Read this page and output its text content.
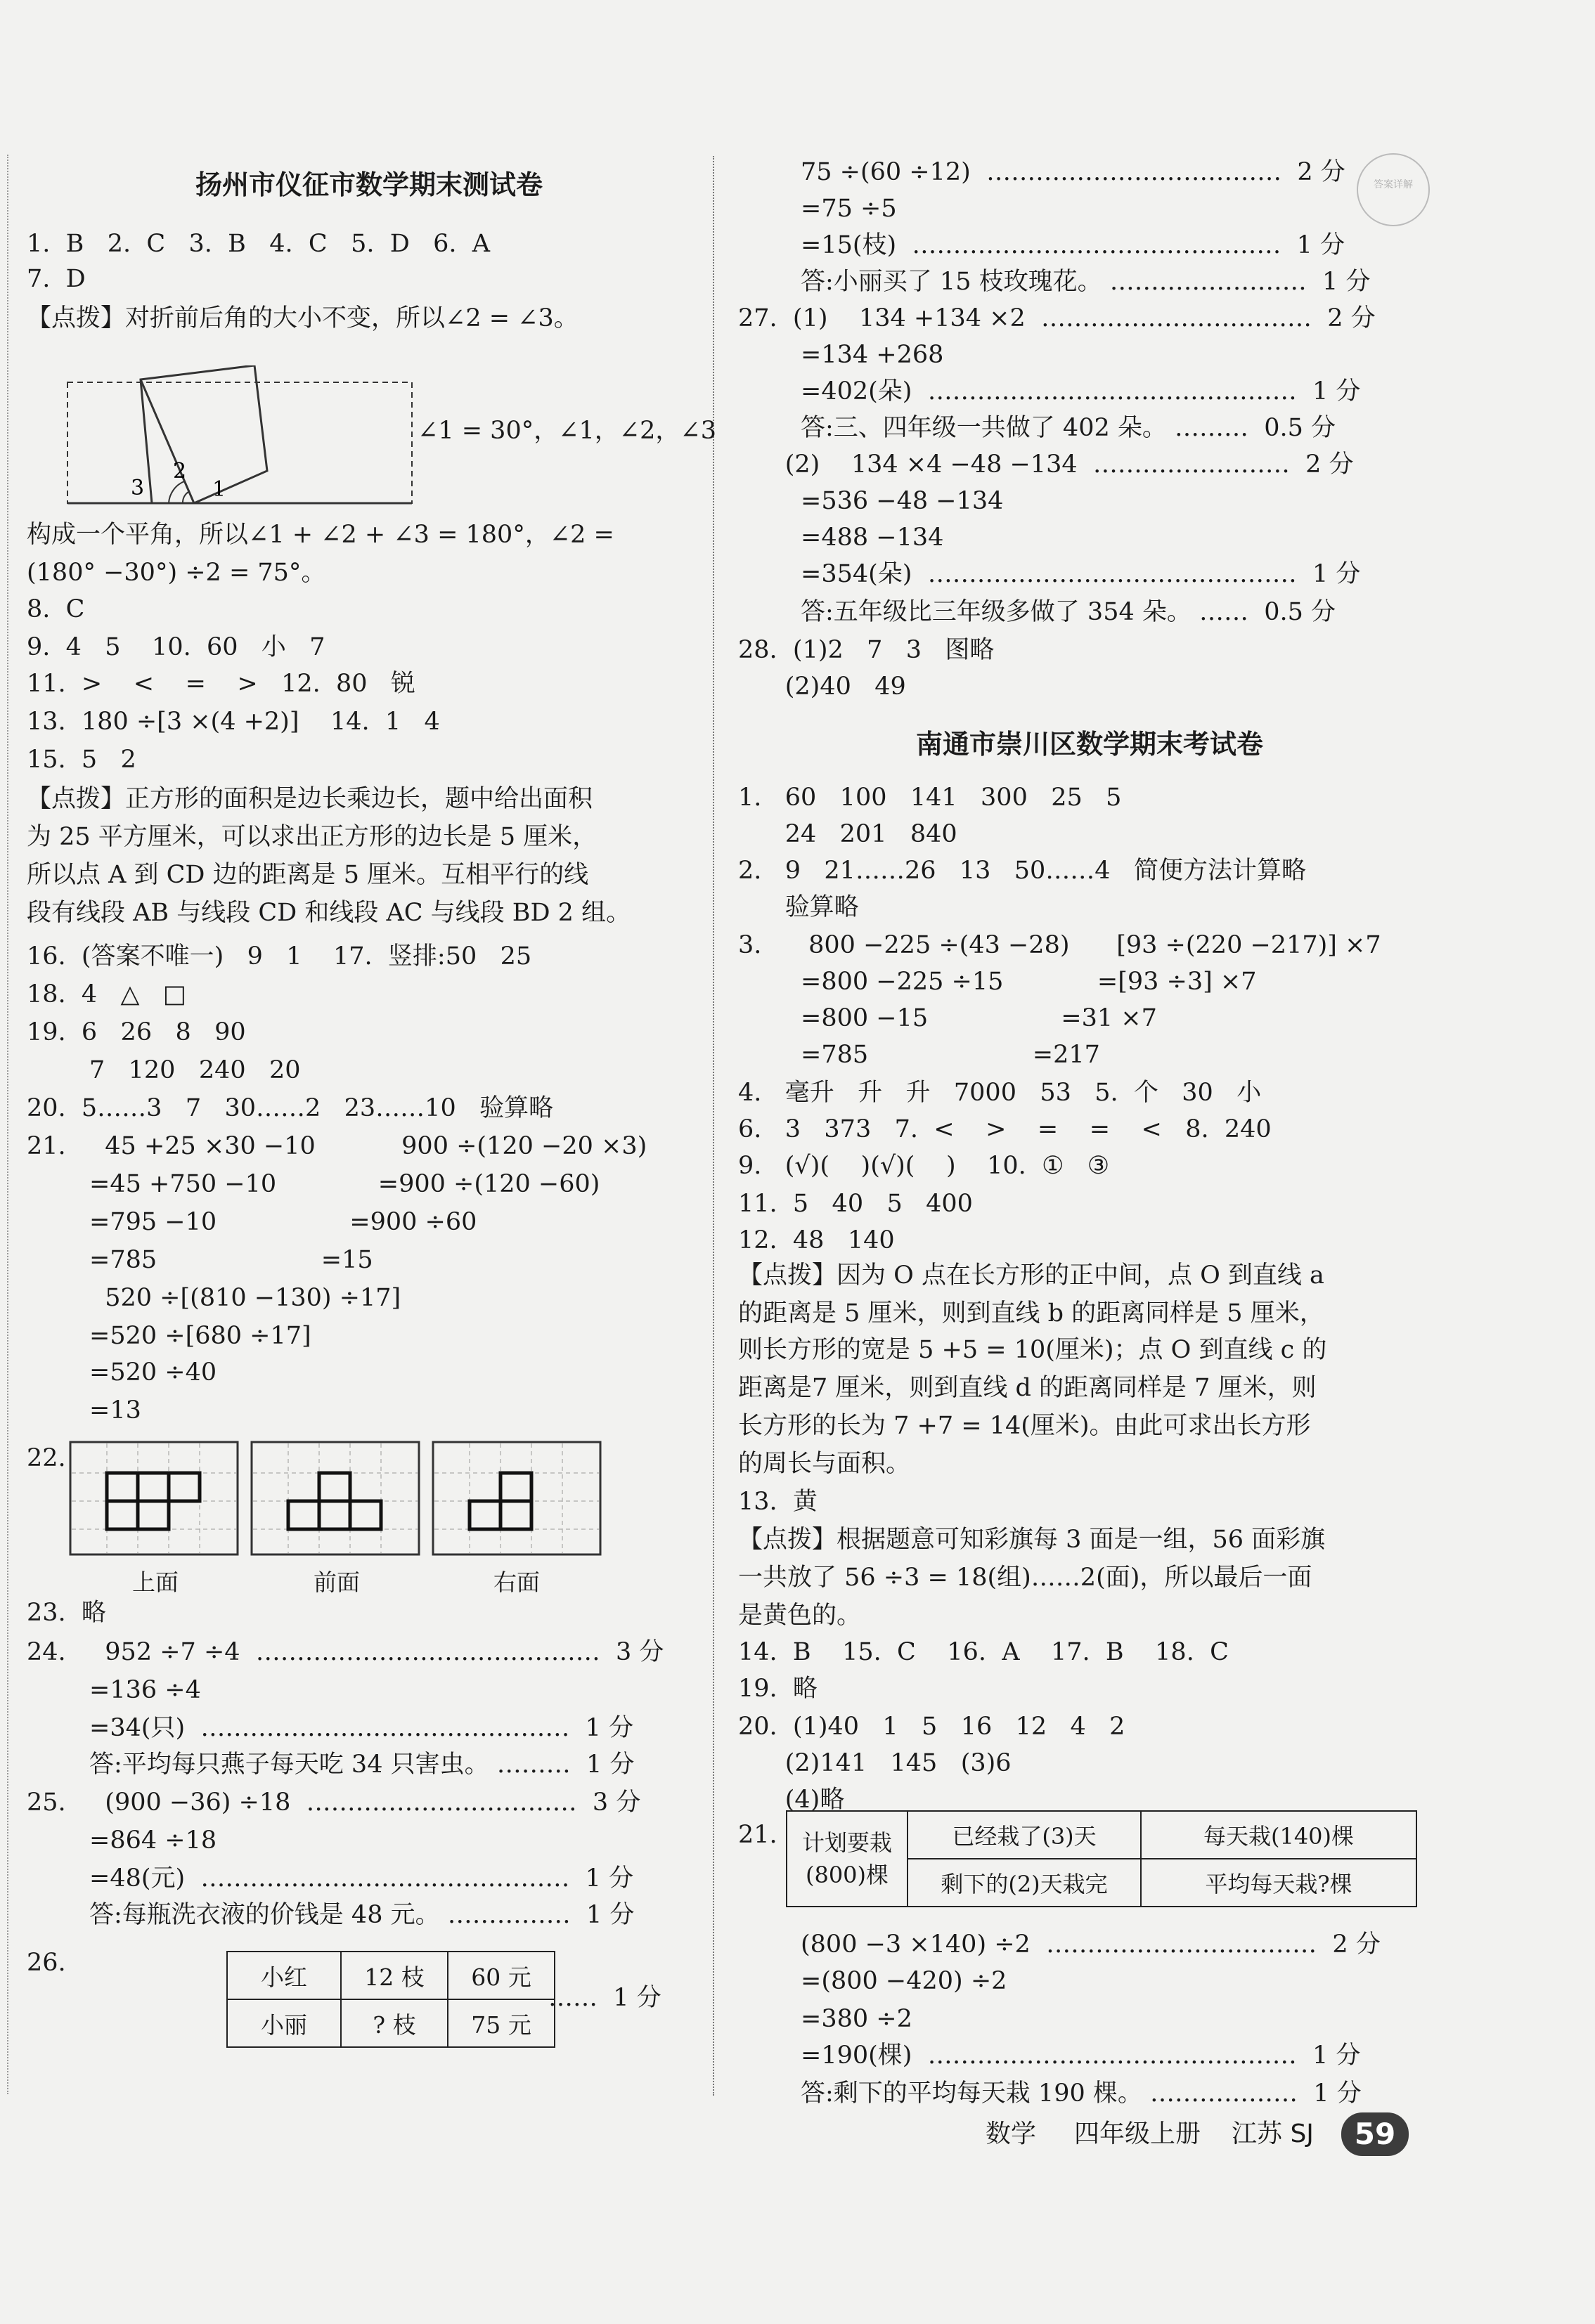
扬州市仪征市数学期末测试卷
1.  B   2.  C   3.  B   4.  C   5.  D   6.  A
7.  D
【点拨】对折前后角的大小不变，所以∠2 = ∠3。
构成一个平角，所以∠1 + ∠2 + ∠3 = 180°，∠2 =
(180° −30°) ÷2 = 75°。
8.  C
9.  4   5    10.  60   小   7
11.  >    <    =    >   12.  80   锐
13.  180 ÷[3 ×(4 +2)]    14.  1   4
15.  5   2
【点拨】正方形的面积是边长乘边长，题中给出面积
为 25 平方厘米，可以求出正方形的边长是 5 厘米，
所以点 A 到 CD 边的距离是 5 厘米。互相平行的线
段有线段 AB 与线段 CD 和线段 AC 与线段 BD 2 组。
16.  (答案不唯一)   9   1    17.  竖排:50   25
18.  4   △   □
19.  6   26   8   90
7   120   240   20
20.  5……3   7   30……2   23……10   验算略
21.     45 +25 ×30 −10           900 ÷(120 −20 ×3)
=45 +750 −10             =900 ÷(120 −60)
=795 −10                 =900 ÷60
=785                     =15
520 ÷[(810 −130) ÷17]
=520 ÷[680 ÷17]
=520 ÷40
=13
22.
23.  略
24.     952 ÷7 ÷4  ……………………………………  3 分
=136 ÷4
=34(只)  ………………………………………  1 分
答:平均每只燕子每天吃 34 只害虫。 ………  1 分
25.     (900 −36) ÷18  ……………………………  3 分
=864 ÷18
=48(元)  ………………………………………  1 分
答:每瓶洗衣液的价钱是 48 元。 ……………  1 分
26.
3
2
1
∠1 = 30°，∠1，∠2，∠3
上面	前面	右面
小红	12 枝	60 元
小丽	? 枝	75 元
……  1 分
答案详解
75 ÷(60 ÷12)  ………………………………  2 分
=75 ÷5
=15(枝)  ………………………………………  1 分
答:小丽买了 15 枝玫瑰花。 ……………………  1 分
27.  (1)    134 +134 ×2  ……………………………  2 分
=134 +268
=402(朵)  ………………………………………  1 分
答:三、四年级一共做了 402 朵。 ………  0.5 分
(2)    134 ×4 −48 −134  ……………………  2 分
=536 −48 −134
=488 −134
=354(朵)  ………………………………………  1 分
答:五年级比三年级多做了 354 朵。 ……  0.5 分
28.  (1)2   7   3   图略
(2)40   49
南通市崇川区数学期末考试卷
1.   60   100   141   300   25   5
24   201   840
2.   9   21……26   13   50……4   简便方法计算略
验算略
3.      800 −225 ÷(43 −28)      [93 ÷(220 −217)] ×7
=800 −225 ÷15            =[93 ÷3] ×7
=800 −15                 =31 ×7
=785                     =217
4.   毫升   升   升   7000   53   5.  个   30   小
6.   3   373   7.  <    >    =    =    <   8.  240
9.   (√)(    )(√)(    )    10.  ①   ③
11.  5   40   5   400
12.  48   140
【点拨】因为 O 点在长方形的正中间，点 O 到直线 a
的距离是 5 厘米，则到直线 b 的距离同样是 5 厘米，
则长方形的宽是 5 +5 = 10(厘米)；点 O 到直线 c 的
距离是7 厘米，则到直线 d 的距离同样是 7 厘米，则
长方形的长为 7 +7 = 14(厘米)。由此可求出长方形
的周长与面积。
13.  黄
【点拨】根据题意可知彩旗每 3 面是一组，56 面彩旗
一共放了 56 ÷3 = 18(组)……2(面)，所以最后一面
是黄色的。
14.  B    15.  C    16.  A    17.  B    18.  C
19.  略
20.  (1)40   1   5   16   12   4   2
(2)141   145   (3)6
(4)略
21.
(800 −3 ×140) ÷2  ……………………………  2 分
=(800 −420) ÷2
=380 ÷2
=190(棵)  ………………………………………  1 分
答:剩下的平均每天栽 190 棵。 ………………  1 分
计划要栽
(800)棵	已经栽了(3)天	每天栽(140)棵
	剩下的(2)天栽完	平均每天栽?棵
数学 四年级上册 江苏 SJ	59
